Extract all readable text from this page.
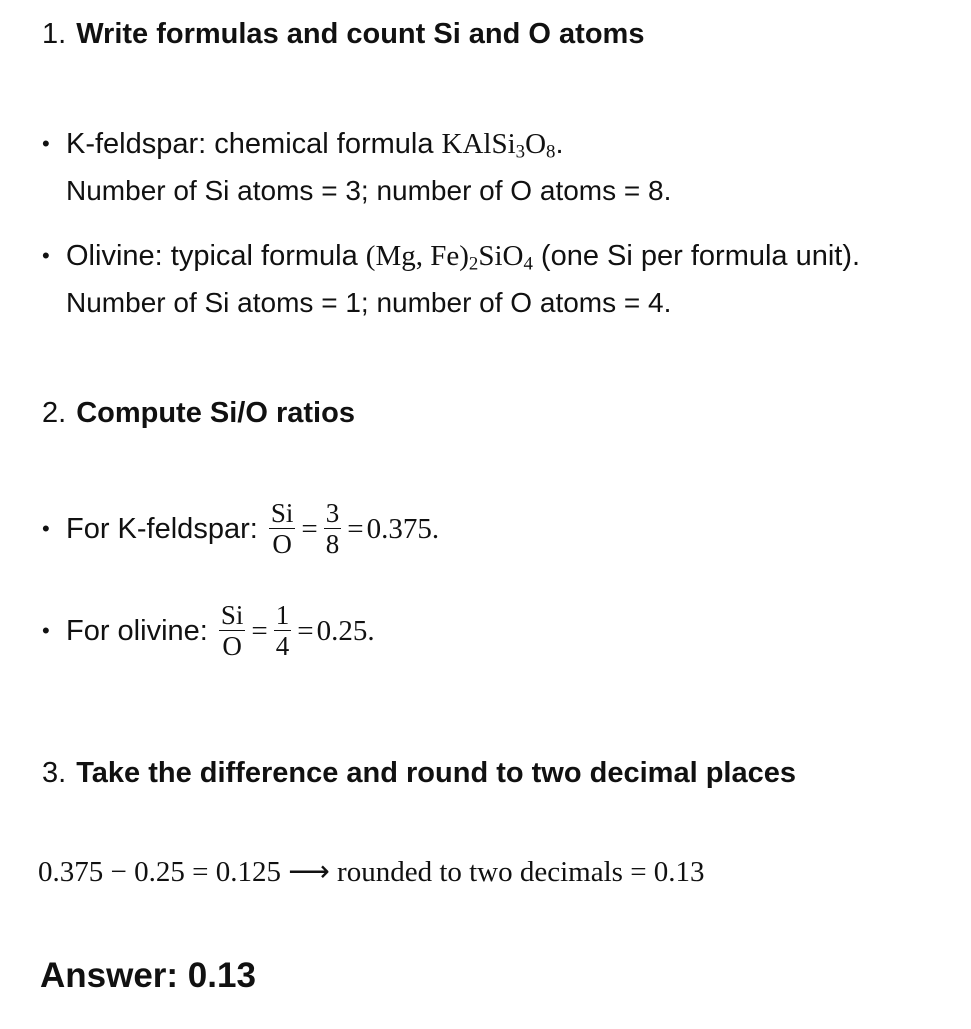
1. Write formulas and count Si and O atoms
• K-feldspar: chemical formula $KAlSi_3O_8$.
Number of Si atoms = 3; number of O atoms = 8.
• Olivine: typical formula (Mg, $Fe)_2SiO_4$ (one Si per formula unit).
Number of Si atoms = 1; number of O atoms = 4.
2. Compute Si/O ratios
• For K-feldspar: $\frac{Si}{O} = \frac{3}{8} = 0.375$.
• For olivine: $\frac{Si}{O} = \frac{1}{4} = 0.25$.
3. Take the difference and round to two decimal places
0.375 − 0.25 = 0.125 ⟶ rounded to two decimals = 0.13
Answer: 0.13
